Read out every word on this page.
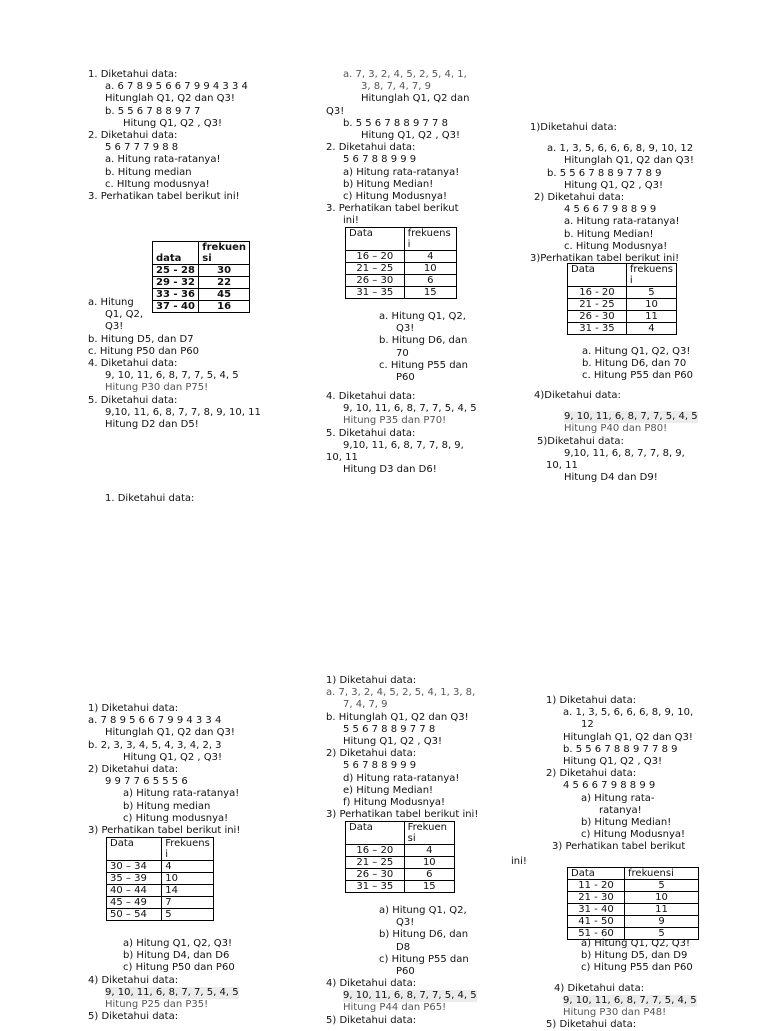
1. Diketahui data:
a. 6 7 8 9 5 6 6 7 9 9 4 3 3 4
Hitunglah Q1, Q2 dan Q3!
b. 5 5 6 7 8 8 9 7 7
Hitung Q1, Q2 , Q3!
2. Diketahui data:
5 6 7 7 7 9 8 8
a. Hitung rata-ratanya!
b. Hitung median
c. HItung modusnya!
3. Perhatikan tabel berikut ini!
data	frekuen si
25 - 28	30
29 - 32	22
33 - 36	45
37 - 40	16
a. Hitung
Q1, Q2,
Q3!
b. Hitung D5, dan D7
c. Hitung P50 dan P60
4. Diketahui data:
9, 10, 11, 6, 8, 7, 7, 5, 4, 5
Hitung P30 dan P75!
5. Diketahui data:
9,10, 11, 6, 8, 7, 7, 8, 9, 10, 11
Hitung D2 dan D5!
1. Diketahui data:
a. 7, 3, 2, 4, 5, 2, 5, 4, 1,
3, 8, 7, 4, 7, 9
Hitunglah Q1, Q2 dan
Q3!
b. 5 5 6 7 8 8 9 7 7 8
Hitung Q1, Q2 , Q3!
2. Diketahui data:
5 6 7 8 8 9 9 9
a) Hitung rata-ratanya!
b) Hitung Median!
c) Hitung Modusnya!
3. Perhatikan tabel berikut
ini!
Data	frekuens i
16 – 20	4
21 – 25	10
26 – 30	6
31 – 35	15
a. Hitung Q1, Q2,
Q3!
b. Hitung D6, dan
70
c. Hitung P55 dan
P60
4. Diketahui data:
9, 10, 11, 6, 8, 7, 7, 5, 4, 5
Hitung P35 dan P70!
5. Diketahui data:
9,10, 11, 6, 8, 7, 7, 8, 9,
10, 11
Hitung D3 dan D6!
1)Diketahui data:
a. 1, 3, 5, 6, 6, 6, 8, 9, 10, 12
Hitunglah Q1, Q2 dan Q3!
b. 5 5 6 7 8 8 9 7 7 8 9
Hitung Q1, Q2 , Q3!
2) Diketahui data:
4 5 6 6 7 9 8 8 9 9
a. Hitung rata-ratanya!
b. Hitung Median!
c. Hitung Modusnya!
3)Perhatikan tabel berikut ini!
Data	frekuens i
16 - 20	5
21 - 25	10
26 - 30	11
31 - 35	4
a. Hitung Q1, Q2, Q3!
b. Hitung D6, dan 70
c. Hitung P55 dan P60
4)Diketahui data:
9, 10, 11, 6, 8, 7, 7, 5, 4, 5
Hitung P40 dan P80!
5)Diketahui data:
9,10, 11, 6, 8, 7, 7, 8, 9,
10, 11
Hitung D4 dan D9!
1) Diketahui data:
a. 7 8 9 5 6 6 7 9 9 4 3 3 4
Hitunglah Q1, Q2 dan Q3!
b. 2, 3, 3, 4, 5, 4, 3, 4, 2, 3
Hitung Q1, Q2 , Q3!
2) Diketahui data:
9 9 7 7 6 5 5 5 6
a) Hitung rata-ratanya!
b) Hitung median
c) Hitung modusnya!
3) Perhatikan tabel berikut ini!
Data	Frekuens i
30 – 34	4
35 – 39	10
40 – 44	14
45 – 49	7
50 – 54	5
a) Hitung Q1, Q2, Q3!
b) Hitung D4, dan D6
c) Hitung P50 dan P60
4) Diketahui data:
9, 10, 11, 6, 8, 7, 7, 5, 4, 5
Hitung P25 dan P35!
5) Diketahui data:
1) Diketahui data:
a. 7, 3, 2, 4, 5, 2, 5, 4, 1, 3, 8,
7, 4, 7, 9
b. Hitunglah Q1, Q2 dan Q3!
5 5 6 7 8 8 9 7 7 8
Hitung Q1, Q2 , Q3!
2) Diketahui data:
5 6 7 8 8 9 9 9
d) Hitung rata-ratanya!
e) Hitung Median!
f) Hitung Modusnya!
3) Perhatikan tabel berikut ini!
Data	Frekuen si
16 – 20	4
21 – 25	10
26 – 30	6
31 – 35	15
a) Hitung Q1, Q2,
Q3!
b) Hitung D6, dan
D8
c) Hitung P55 dan
P60
4) Diketahui data:
9, 10, 11, 6, 8, 7, 7, 5, 4, 5
Hitung P44 dan P65!
5) Diketahui data:
1) Diketahui data:
a. 1, 3, 5, 6, 6, 6, 8, 9, 10,
12
Hitunglah Q1, Q2 dan Q3!
b. 5 5 6 7 8 8 9 7 7 8 9
Hitung Q1, Q2 , Q3!
2) Diketahui data:
4 5 6 6 7 9 8 8 9 9
a) Hitung rata-
ratanya!
b) Hitung Median!
c) Hitung Modusnya!
3) Perhatikan tabel berikut
ini!
Data	frekuensi
11 - 20	5
21 - 30	10
31 - 40	11
41 - 50	9
51 - 60	5
a) Hitung Q1, Q2, Q3!
b) Hitung D5, dan D9
c) Hitung P55 dan P60
4) Diketahui data:
9, 10, 11, 6, 8, 7, 7, 5, 4, 5
Hitung P30 dan P48!
5) Diketahui data:
